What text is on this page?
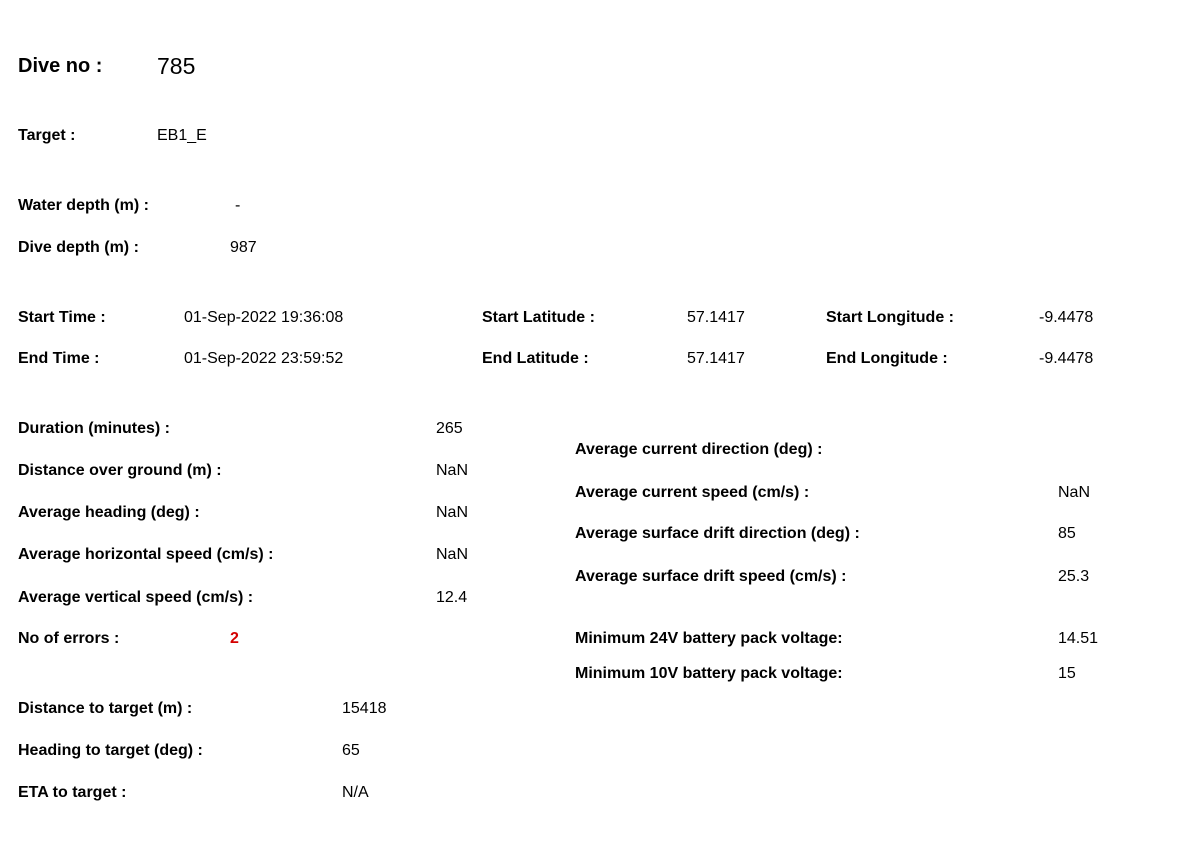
Dive no : 785
Target :	EB1_E
Water depth (m) :	-
Dive depth (m) :	987
Start Time :	01-Sep-2022 19:36:08
End Time :	01-Sep-2022 23:59:52
Start Latitude :	57.1417
End Latitude :	57.1417
Start Longitude :	-9.4478
End Longitude :	-9.4478
Duration (minutes) :	265
Distance over ground (m) :	NaN
Average heading (deg) :	NaN
Average horizontal speed (cm/s) :	NaN
Average vertical speed (cm/s) :	12.4
No of errors :	2
Average current direction (deg) :
Average current speed (cm/s) :	NaN
Average surface drift direction (deg) :	85
Average surface drift speed (cm/s) :	25.3
Minimum 24V battery pack voltage:	14.51
Minimum 10V battery pack voltage:	15
Distance to target (m) :	15418
Heading to target (deg) :	65
ETA to target :	N/A
